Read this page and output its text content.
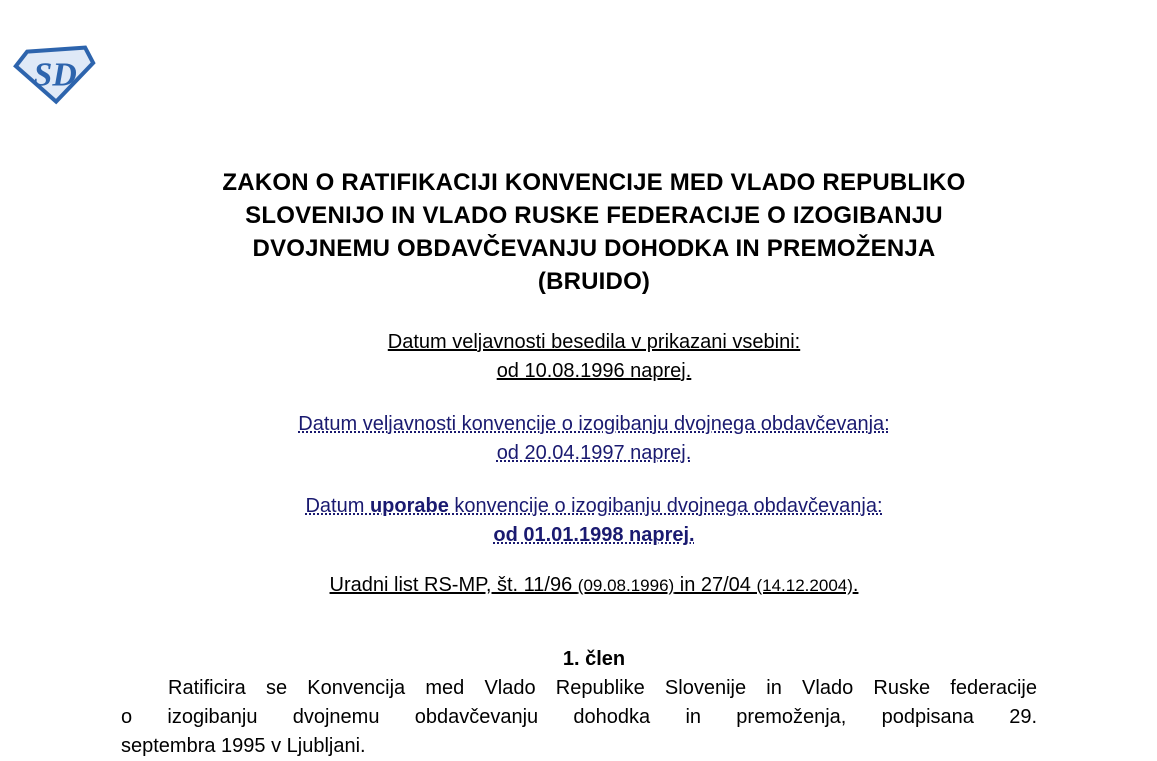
SD
ZAKON O RATIFIKACIJI KONVENCIJE MED VLADO REPUBLIKO
SLOVENIJO IN VLADO RUSKE FEDERACIJE O IZOGIBANJU
DVOJNEMU OBDAVČEVANJU DOHODKA IN PREMOŽENJA
(BRUIDO)
Datum veljavnosti besedila v prikazani vsebini:
od 10.08.1996 naprej.
Datum veljavnosti konvencije o izogibanju dvojnega obdavčevanja:
od 20.04.1997 naprej.
Datum uporabe konvencije o izogibanju dvojnega obdavčevanja:
od 01.01.1998 naprej.
Uradni list RS-MP, št. 11/96 (09.08.1996) in 27/04 (14.12.2004).
1. člen
Ratificira se Konvencija med Vlado Republike Slovenije in Vlado Ruske federacije
o izogibanju dvojnemu obdavčevanju dohodka in premoženja, podpisana 29.
septembra 1995 v Ljubljani.
